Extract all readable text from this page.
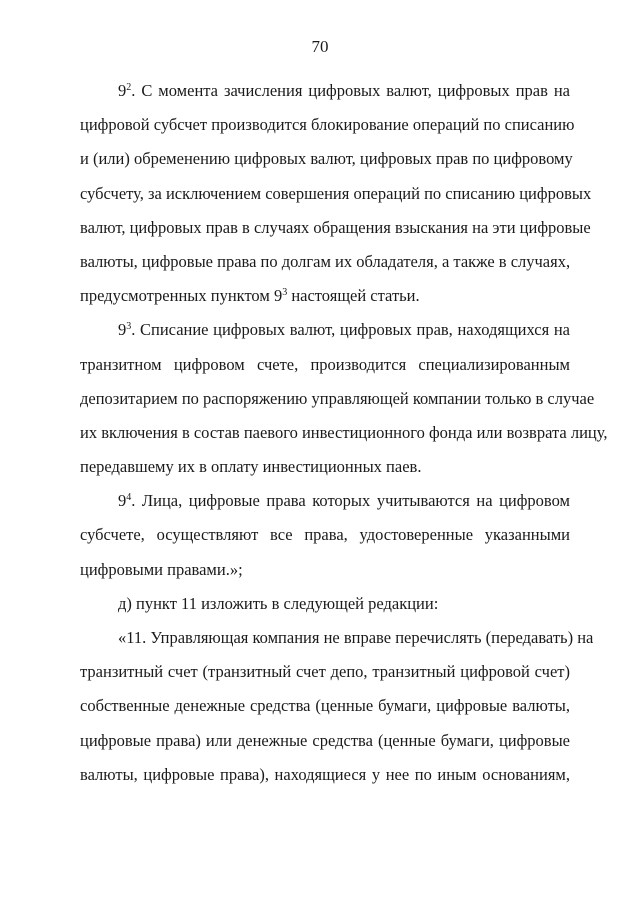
70
$9^2$. С момента зачисления цифровых валют, цифровых прав на
цифровой субсчет производится блокирование операций по списанию
и (или) обременению цифровых валют, цифровых прав по цифровому
субсчету, за исключением совершения операций по списанию цифровых
валют, цифровых прав в случаях обращения взыскания на эти цифровые
валюты, цифровые права по долгам их обладателя, а также в случаях,
предусмотренных пунктом $9^3$ настоящей статьи.
$9^3$. Списание цифровых валют, цифровых прав, находящихся на
транзитном цифровом счете, производится специализированным
депозитарием по распоряжению управляющей компании только в случае
их включения в состав паевого инвестиционного фонда или возврата лицу,
передавшему их в оплату инвестиционных паев.
$9^4$. Лица, цифровые права которых учитываются на цифровом
субсчете, осуществляют все права, удостоверенные указанными
цифровыми правами.»;
д) пункт 11 изложить в следующей редакции:
«11. Управляющая компания не вправе перечислять (передавать) на
транзитный счет (транзитный счет депо, транзитный цифровой счет)
собственные денежные средства (ценные бумаги, цифровые валюты,
цифровые права) или денежные средства (ценные бумаги, цифровые
валюты, цифровые права), находящиеся у нее по иным основаниям,
